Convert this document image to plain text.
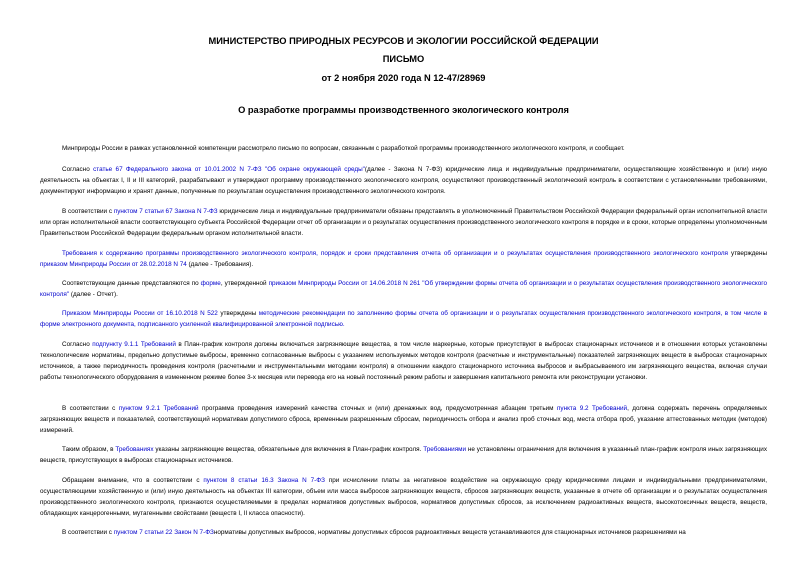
МИНИСТЕРСТВО ПРИРОДНЫХ РЕСУРСОВ И ЭКОЛОГИИ РОССИЙСКОЙ ФЕДЕРАЦИИ
ПИСЬМО
от 2 ноября 2020 года N 12-47/28969
О разработке программы производственного экологического контроля
Минприроды России в рамках установленной компетенции рассмотрело письмо по вопросам, связанным с разработкой программы производственного экологического контроля, и сообщает.
Согласно статье 67 Федерального закона от 10.01.2002 N 7-ФЗ "Об охране окружающей среды"(далее - Закона N 7-ФЗ) юридические лица и индивидуальные предприниматели, осуществляющие хозяйственную и (или) иную деятельность на объектах I, II и III категорий, разрабатывают и утверждают программу производственного экологического контроля, осуществляют производственный экологический контроль в соответствии с установленными требованиями, документируют информацию и хранят данные, полученные по результатам осуществления производственного экологического контроля.
В соответствии с пунктом 7 статьи 67 Закона N 7-ФЗ юридические лица и индивидуальные предприниматели обязаны представлять в уполномоченный Правительством Российской Федерации федеральный орган исполнительной власти или орган исполнительной власти соответствующего субъекта Российской Федерации отчет об организации и о результатах осуществления производственного экологического контроля в порядке и в сроки, которые определены уполномоченным Правительством Российской Федерации федеральным органом исполнительной власти.
Требования к содержанию программы производственного экологического контроля, порядок и сроки представления отчета об организации и о результатах осуществления производственного экологического контроля утверждены приказом Минприроды России от 28.02.2018 N 74 (далее - Требования).
Соответствующие данные представляются по форме, утвержденной приказом Минприроды России от 14.06.2018 N 261 "Об утверждении формы отчета об организации и о результатах осуществления производственного экологического контроля" (далее - Отчет).
Приказом Минприроды России от 16.10.2018 N 522 утверждены методические рекомендации по заполнению формы отчета об организации и о результатах осуществления производственного экологического контроля, в том числе в форме электронного документа, подписанного усиленной квалифицированной электронной подписью.
Согласно подпункту 9.1.1 Требований в План-график контроля должны включаться загрязняющие вещества, в том числе маркерные, которые присутствуют в выбросах стационарных источников и в отношении которых установлены технологические нормативы, предельно допустимые выбросы, временно согласованные выбросы с указанием используемых методов контроля (расчетные и инструментальные) показателей загрязняющих веществ в выбросах стационарных источников, а также периодичность проведения контроля (расчетными и инструментальными методами контроля) в отношении каждого стационарного источника выбросов и выбрасываемого им загрязняющего вещества, включая случаи работы технологического оборудования в измененном режиме более 3-х месяцев или перевода его на новый постоянный режим работы и завершения капитального ремонта или реконструкции установки.
В соответствии с пунктом 9.2.1 Требований программа проведения измерений качества сточных и (или) дренажных вод, предусмотренная абзацем третьим пункта 9.2 Требований, должна содержать перечень определяемых загрязняющих веществ и показателей, соответствующий нормативам допустимого сброса, временным разрешенным сбросам, периодичность отбора и анализ проб сточных вод, места отбора проб, указание аттестованных методик (методов) измерений.
Таким образом, в Требованиях указаны загрязняющие вещества, обязательные для включения в План-график контроля. Требованиями не установлены ограничения для включения в указанный план-график контроля иных загрязняющих веществ, присутствующих в выбросах стационарных источников.
Обращаем внимание, что в соответствии с пунктом 8 статьи 16.3 Закона N 7-ФЗ при исчислении платы за негативное воздействие на окружающую среду юридическими лицами и индивидуальными предпринимателями, осуществляющими хозяйственную и (или) иную деятельность на объектах III категории, объем или масса выбросов загрязняющих веществ, сбросов загрязняющих веществ, указанные в отчете об организации и о результатах осуществления производственного экологического контроля, признаются осуществляемыми в пределах нормативов допустимых выбросов, нормативов допустимых сбросов, за исключением радиоактивных веществ, высокотоксичных веществ, веществ, обладающих канцерогенными, мутагенными свойствами (веществ I, II класса опасности).
В соответствии с пунктом 7 статьи 22 Закон N 7-ФЗнормативы допустимых выбросов, нормативы допустимых сбросов радиоактивных веществ устанавливаются для стационарных источников разрешениями на
